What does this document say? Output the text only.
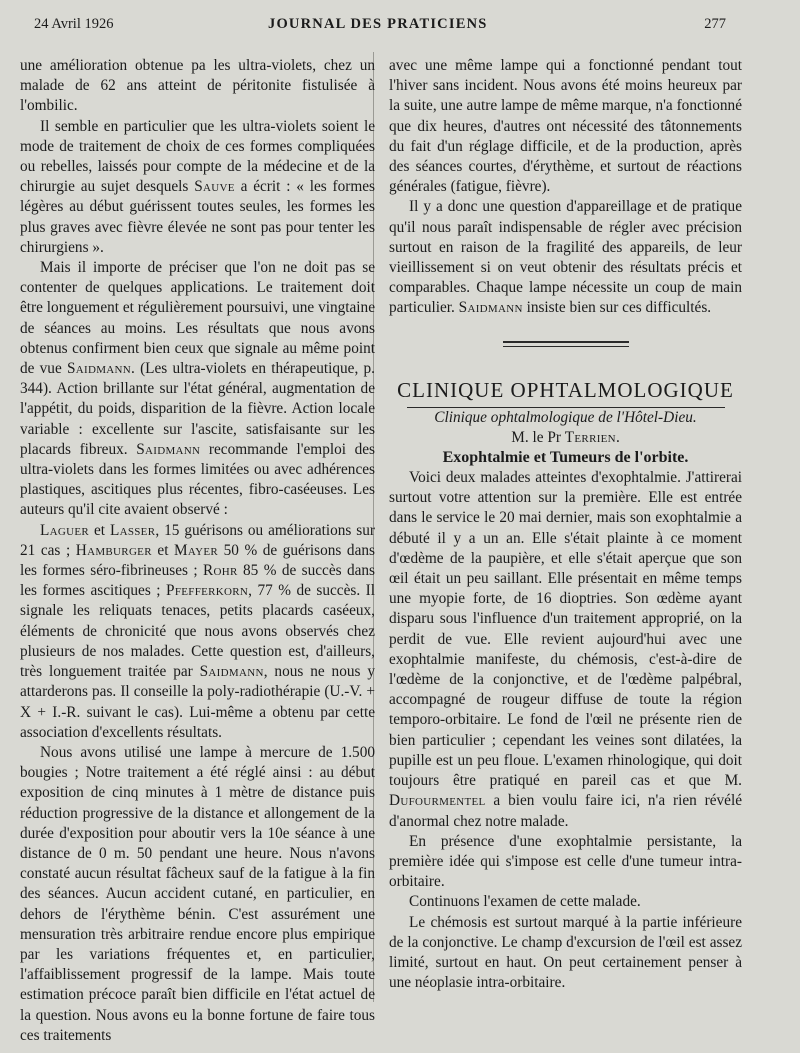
24 Avril 1926	JOURNAL DES PRATICIENS	277

une amélioration obtenue pa les ultra-violets, chez un malade de 62 ans atteint de péritonite fistulisée à l'ombilic.

Il semble en particulier que les ultra-violets soient le mode de traitement de choix de ces formes compliquées ou rebelles, laissés pour compte de la médecine et de la chirurgie au sujet desquels Sauve a écrit : « les formes légères au début guérissent toutes seules, les formes les plus graves avec fièvre élevée ne sont pas pour tenter les chirurgiens ».

Mais il importe de préciser que l'on ne doit pas se contenter de quelques applications. Le traitement doit être longuement et régulièrement poursuivi, une vingtaine de séances au moins. Les résultats que nous avons obtenus confirment bien ceux que signale au même point de vue Saidmann. (Les ultra-violets en thérapeutique, p. 344). Action brillante sur l'état général, augmentation de l'appétit, du poids, disparition de la fièvre. Action locale variable : excellente sur l'ascite, satisfaisante sur les placards fibreux. Saidmann recommande l'emploi des ultra-violets dans les formes limitées ou avec adhérences plastiques, ascitiques plus récentes, fibro-caséeuses. Les auteurs qu'il cite avaient observé :

Laguer et Lasser, 15 guérisons ou améliorations sur 21 cas ; Hamburger et Mayer 50 % de guérisons dans les formes séro-fibrineuses ; Rohr 85 % de succès dans les formes ascitiques ; Pfefferkorn, 77 % de succès. Il signale les reliquats tenaces, petits placards caséeux, éléments de chronicité que nous avons observés chez plusieurs de nos malades. Cette question est, d'ailleurs, très longuement traitée par Saidmann, nous ne nous y attarderons pas. Il conseille la poly-radiothérapie (U.-V. + X + I.-R. suivant le cas). Lui-même a obtenu par cette association d'excellents résultats.

Nous avons utilisé une lampe à mercure de 1.500 bougies ; Notre traitement a été réglé ainsi : au début exposition de cinq minutes à 1 mètre de distance puis réduction progressive de la distance et allongement de la durée d'exposition pour aboutir vers la 10e séance à une distance de 0 m. 50 pendant une heure. Nous n'avons constaté aucun résultat fâcheux sauf de la fatigue à la fin des séances. Aucun accident cutané, en particulier, en dehors de l'érythème bénin. C'est assurément une mensuration très arbitraire rendue encore plus empirique par les variations fréquentes et, en particulier, l'affaiblissement progressif de la lampe. Mais toute estimation précoce paraît bien difficile en l'état actuel de la question. Nous avons eu la bonne fortune de faire tous ces traitements

avec une même lampe qui a fonctionné pendant tout l'hiver sans incident. Nous avons été moins heureux par la suite, une autre lampe de même marque, n'a fonctionné que dix heures, d'autres ont nécessité des tâtonnements du fait d'un réglage difficile, et de la production, après des séances courtes, d'érythème, et surtout de réactions générales (fatigue, fièvre).

Il y a donc une question d'appareillage et de pratique qu'il nous paraît indispensable de régler avec précision surtout en raison de la fragilité des appareils, de leur vieillissement si on veut obtenir des résultats précis et comparables. Chaque lampe nécessite un coup de main particulier. Saidmann insiste bien sur ces difficultés.

CLINIQUE OPHTALMOLOGIQUE

Clinique ophtalmologique de l'Hôtel-Dieu.

M. le Pr Terrien.

Exophtalmie et Tumeurs de l'orbite.

Voici deux malades atteintes d'exophtalmie. J'attirerai surtout votre attention sur la première. Elle est entrée dans le service le 20 mai dernier, mais son exophtalmie a débuté il y a un an. Elle s'était plainte à ce moment d'œdème de la paupière, et elle s'était aperçue que son œil était un peu saillant. Elle présentait en même temps une myopie forte, de 16 dioptries. Son œdème ayant disparu sous l'influence d'un traitement approprié, on la perdit de vue. Elle revient aujourd'hui avec une exophtalmie manifeste, du chémosis, c'est-à-dire de l'œdème de la conjonctive, et de l'œdème palpébral, accompagné de rougeur diffuse de toute la région temporo-orbitaire. Le fond de l'œil ne présente rien de bien particulier ; cependant les veines sont dilatées, la pupille est un peu floue. L'examen rhinologique, qui doit toujours être pratiqué en pareil cas et que M. Dufourmentel a bien voulu faire ici, n'a rien révélé d'anormal chez notre malade.

En présence d'une exophtalmie persistante, la première idée qui s'impose est celle d'une tumeur intra-orbitaire.

Continuons l'examen de cette malade.

Le chémosis est surtout marqué à la partie inférieure de la conjonctive. Le champ d'excursion de l'œil est assez limité, surtout en haut. On peut certainement penser à une néoplasie intra-orbitaire.
